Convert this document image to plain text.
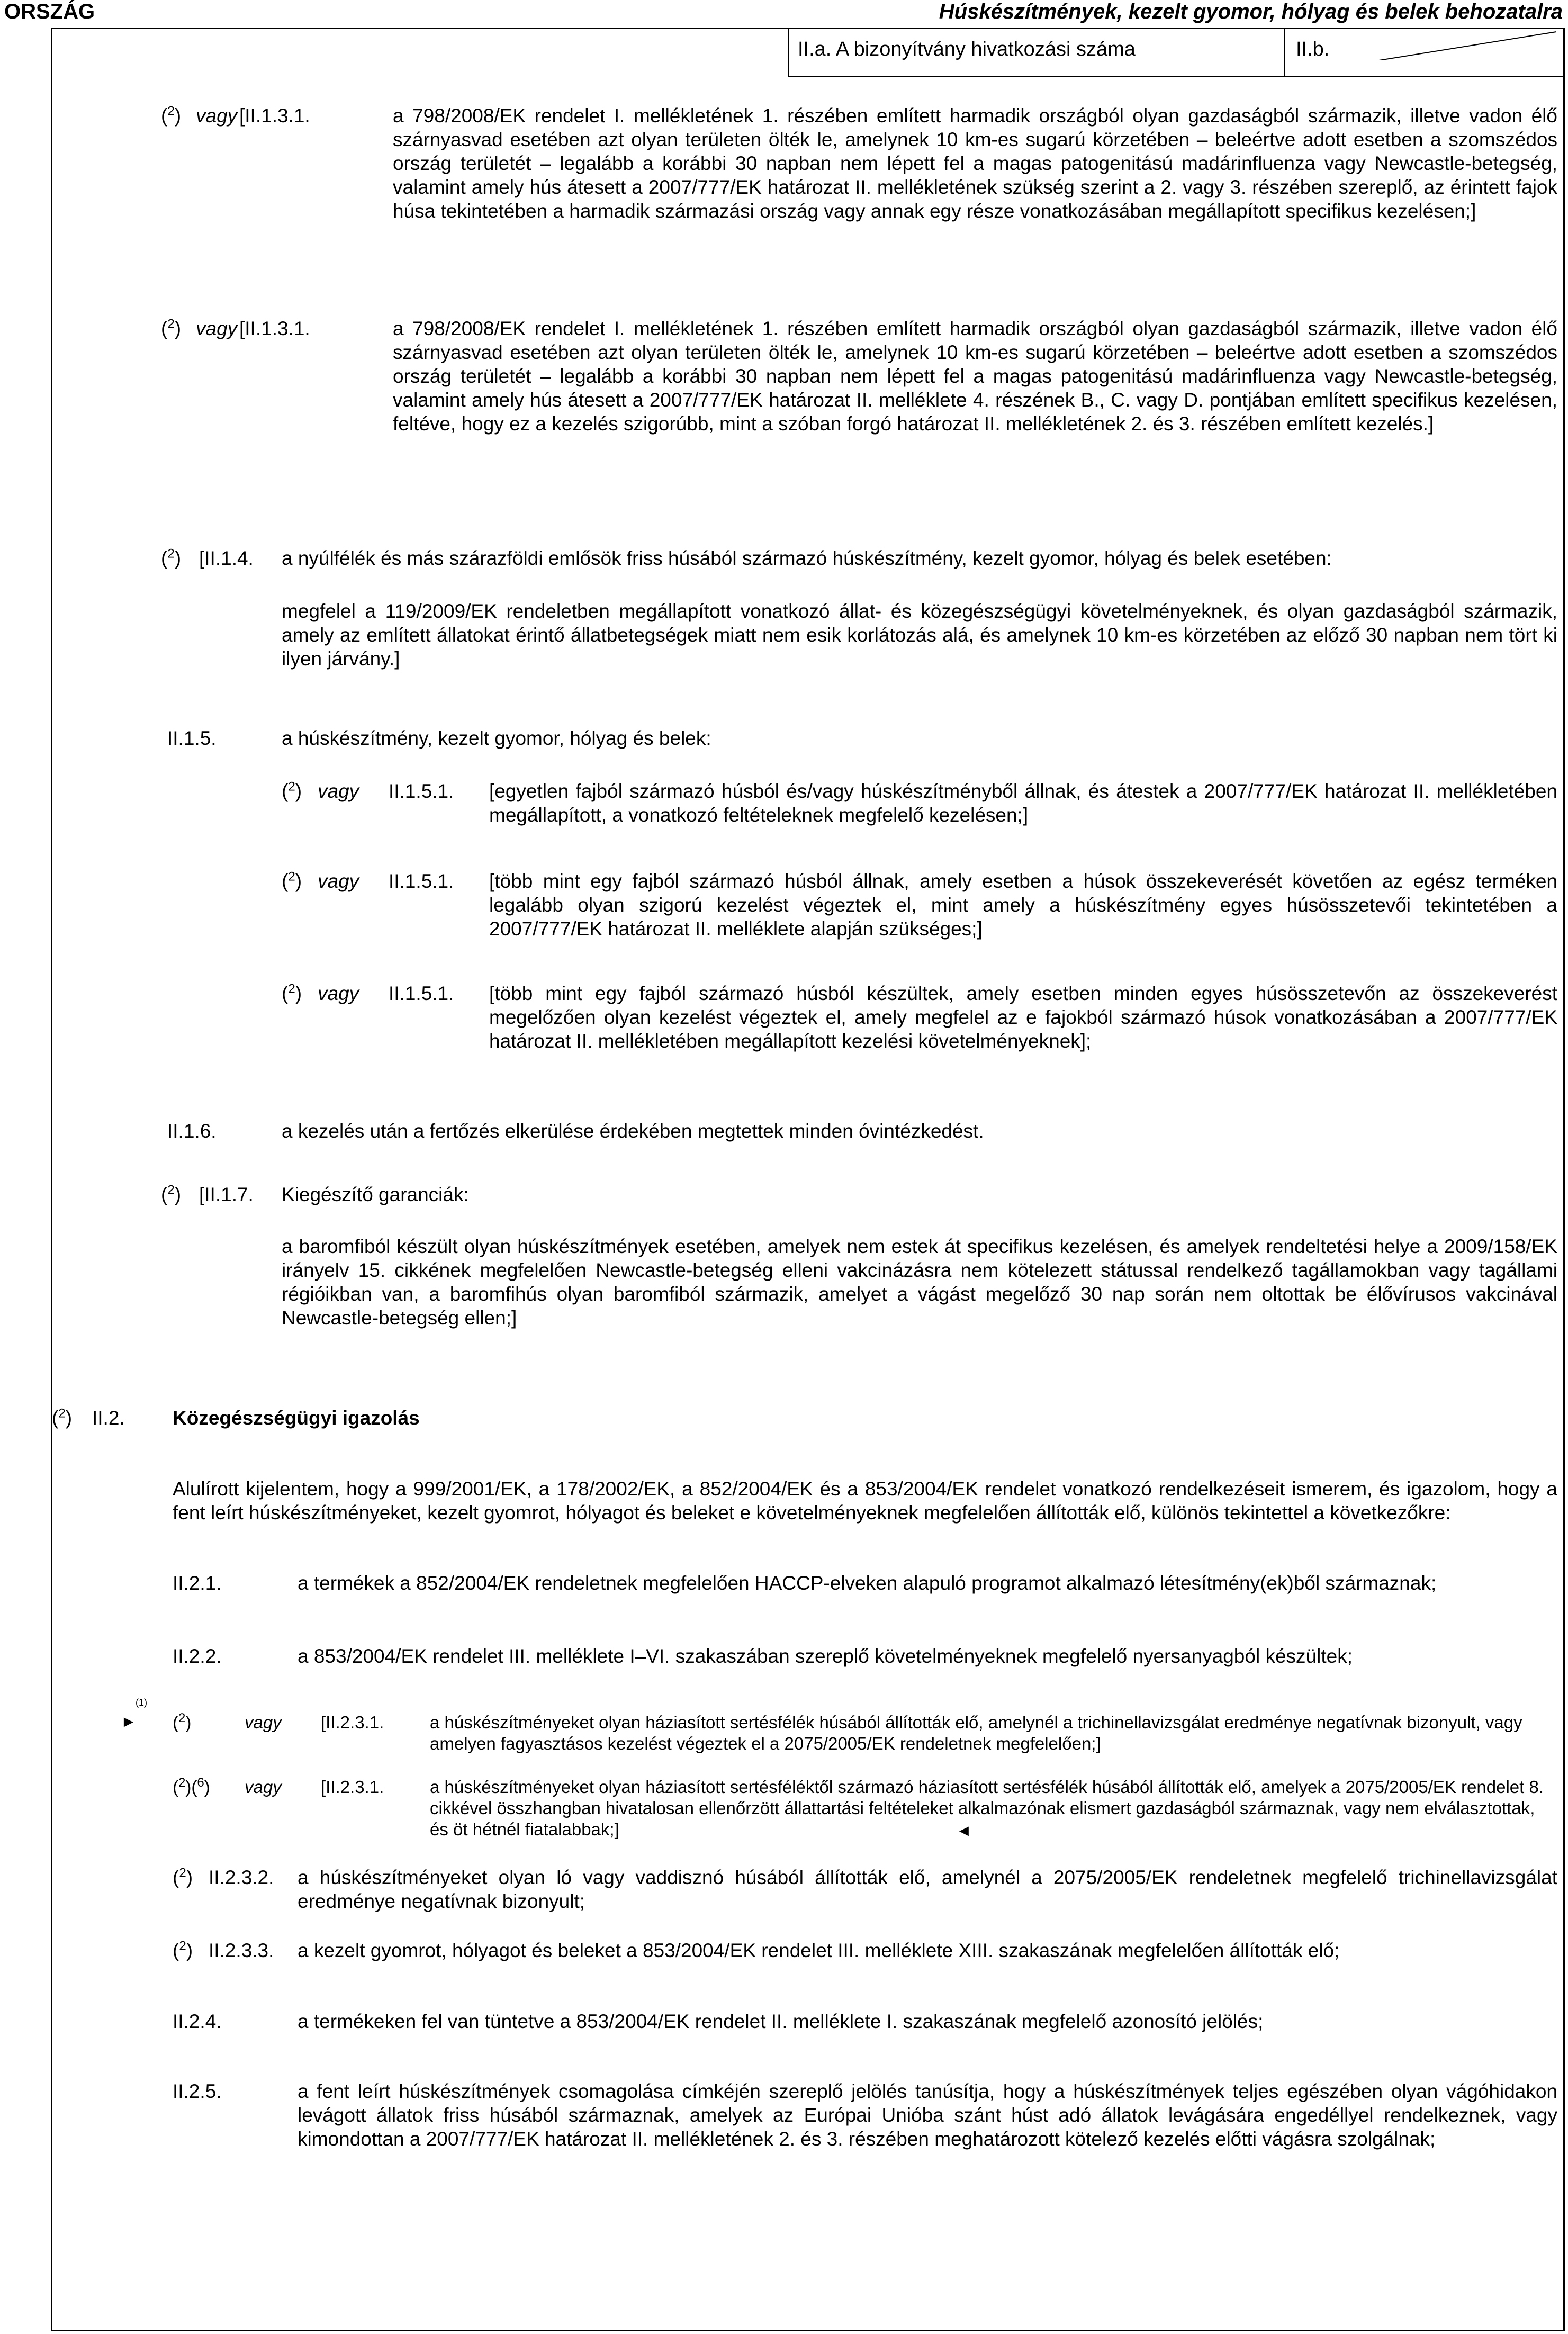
ORSZÁG	Húskészítmények, kezelt gyomor, hólyag és belek behozatalra
II.a. A bizonyítvány hivatkozási száma	II.b.
($^2$) vagy [II.1.3.1.	a 798/2008/EK rendelet I. mellékletének 1. részében említett harmadik országból olyan gazdaságból származik, illetve vadon élő szárnyasvad esetében azt olyan területen ölték le, amelynek 10 km-es sugarú körzetében – beleértve adott esetben a szomszédos ország területét – legalább a korábbi 30 napban nem lépett fel a magas patogenitású madárinfluenza vagy Newcastle-betegség, valamint amely hús átesett a 2007/777/EK határozat II. mellékletének szükség szerint a 2. vagy 3. részében szereplő, az érintett fajok húsa tekintetében a harmadik származási ország vagy annak egy része vonatkozásában megállapított specifikus kezelésen;]
($^2$) vagy [II.1.3.1.	a 798/2008/EK rendelet I. mellékletének 1. részében említett harmadik országból olyan gazdaságból származik, illetve vadon élő szárnyasvad esetében azt olyan területen ölték le, amelynek 10 km-es sugarú körzetében – beleértve adott esetben a szomszédos ország területét – legalább a korábbi 30 napban nem lépett fel a magas patogenitású madárinfluenza vagy Newcastle-betegség, valamint amely hús átesett a 2007/777/EK határozat II. melléklete 4. részének B., C. vagy D. pontjában említett specifikus kezelésen, feltéve, hogy ez a kezelés szigorúbb, mint a szóban forgó határozat II. mellékletének 2. és 3. részében említett kezelés.]
($^2$) [II.1.4. a nyúlfélék és más szárazföldi emlősök friss húsából származó húskészítmény, kezelt gyomor, hólyag és belek esetében:
megfelel a 119/2009/EK rendeletben megállapított vonatkozó állat- és közegészségügyi követelményeknek, és olyan gazdaságból származik, amely az említett állatokat érintő állatbetegségek miatt nem esik korlátozás alá, és amelynek 10 km-es körzetében az előző 30 napban nem tört ki ilyen járvány.]
II.1.5.	a húskészítmény, kezelt gyomor, hólyag és belek:
($^2$) vagy II.1.5.1. [egyetlen fajból származó húsból és/vagy húskészítményből állnak, és átestek a 2007/777/EK határozat II. mellékletében megállapított, a vonatkozó feltételeknek megfelelő kezelésen;]
($^2$) vagy II.1.5.1. [több mint egy fajból származó húsból állnak, amely esetben a húsok összekeverését követően az egész terméken legalább olyan szigorú kezelést végeztek el, mint amely a húskészítmény egyes húsösszetevői tekintetében a 2007/777/EK határozat II. melléklete alapján szükséges;]
($^2$) vagy II.1.5.1. [több mint egy fajból származó húsból készültek, amely esetben minden egyes húsösszetevőn az összekeverést megelőzően olyan kezelést végeztek el, amely megfelel az e fajokból származó húsok vonatkozásában a 2007/777/EK határozat II. mellékletében megállapított kezelési követelményeknek];
II.1.6.	a kezelés után a fertőzés elkerülése érdekében megtettek minden óvintézkedést.
($^2$) [II.1.7. Kiegészítő garanciák:
a baromfiból készült olyan húskészítmények esetében, amelyek nem estek át specifikus kezelésen, és amelyek rendeltetési helye a 2009/158/EK irányelv 15. cikkének megfelelően Newcastle-betegség elleni vakcinázásra nem kötelezett státussal rendelkező tagállamokban vagy tagállami régióikban van, a baromfihús olyan baromfiból származik, amelyet a vágást megelőző 30 nap során nem oltottak be élővírusos vakcinával Newcastle-betegség ellen;]
($^2$) II.2. Közegészségügyi igazolás
Alulírott kijelentem, hogy a 999/2001/EK, a 178/2002/EK, a 852/2004/EK és a 853/2004/EK rendelet vonatkozó rendelkezéseit ismerem, és igazolom, hogy a fent leírt húskészítményeket, kezelt gyomrot, hólyagot és beleket e követelményeknek megfelelően állították elő, különös tekintettel a következőkre:
II.2.1.	a termékek a 852/2004/EK rendeletnek megfelelően HACCP-elveken alapuló programot alkalmazó létesítmény(ek)ből származnak;
II.2.2.	a 853/2004/EK rendelet III. melléklete I–VI. szakaszában szereplő követelményeknek megfelelő nyersanyagból készültek;
►
(1)
($^2$)	vagy [II.2.3.1.	a húskészítményeket olyan háziasított sertésfélék húsából állították elő, amelynél a trichinellavizsgálat eredménye negatívnak bizonyult, vagy amelyen fagyasztásos kezelést végeztek el a 2075/2005/EK rendeletnek megfelelően;]
($^2$)($^6$) vagy [II.2.3.1.	a húskészítményeket olyan háziasított sertésféléktől származó háziasított sertésfélék húsából állították elő, amelyek a 2075/2005/EK rendelet 8. cikkével összhangban hivatalosan ellenőrzött állattartási feltételeket alkalmazónak elismert gazdaságból származnak, vagy nem elválasztottak, és öt hétnél fiatalabbak;]	◄
($^2$) II.2.3.2. a húskészítményeket olyan ló vagy vaddisznó húsából állították elő, amelynél a 2075/2005/EK rendeletnek megfelelő trichinellavizsgálat eredménye negatívnak bizonyult;
($^2$) II.2.3.3. a kezelt gyomrot, hólyagot és beleket a 853/2004/EK rendelet III. melléklete XIII. szakaszának megfelelően állították elő;
II.2.4.	a termékeken fel van tüntetve a 853/2004/EK rendelet II. melléklete I. szakaszának megfelelő azonosító jelölés;
II.2.5.	a fent leírt húskészítmények csomagolása címkéjén szereplő jelölés tanúsítja, hogy a húskészítmények teljes egészében olyan vágóhidakon levágott állatok friss húsából származnak, amelyek az Európai Unióba szánt húst adó állatok levágására engedéllyel rendelkeznek, vagy kimondottan a 2007/777/EK határozat II. mellékletének 2. és 3. részében meghatározott kötelező kezelés előtti vágásra szolgálnak;
